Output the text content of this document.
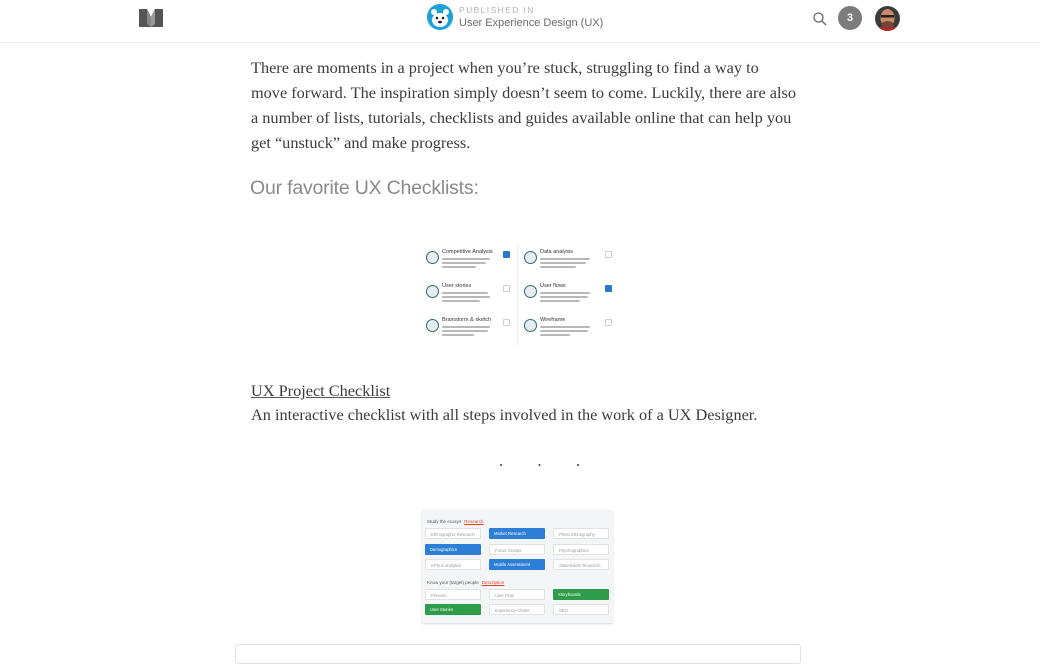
PUBLISHED IN
User Experience Design (UX)	3

There are moments in a project when you’re stuck, struggling to find a way to move forward. The inspiration simply doesn’t seem to come. Luckily, there are also a number of lists, tutorials, checklists and guides available online that can help you get “unstuck” and make progress.

Our favorite UX Checklists:
Competitive Analysis	Data analysis
User stories	User flows
Brainstorm & sketch	Wireframe
UX Project Checklist
An interactive checklist with all steps involved in the work of a UX Designer.
· · ·
Study the ecosys Research
Ethnographic Research	Market Research	Photo Ethnography
Demographics	Focus Groups	Psychographics
KPIs & analytics	Mobile Assessment	Stakeholder Research
Know your (target) people Description
Persona	User Flow	Storyboards
User Stories	Experience Charts	SEO
